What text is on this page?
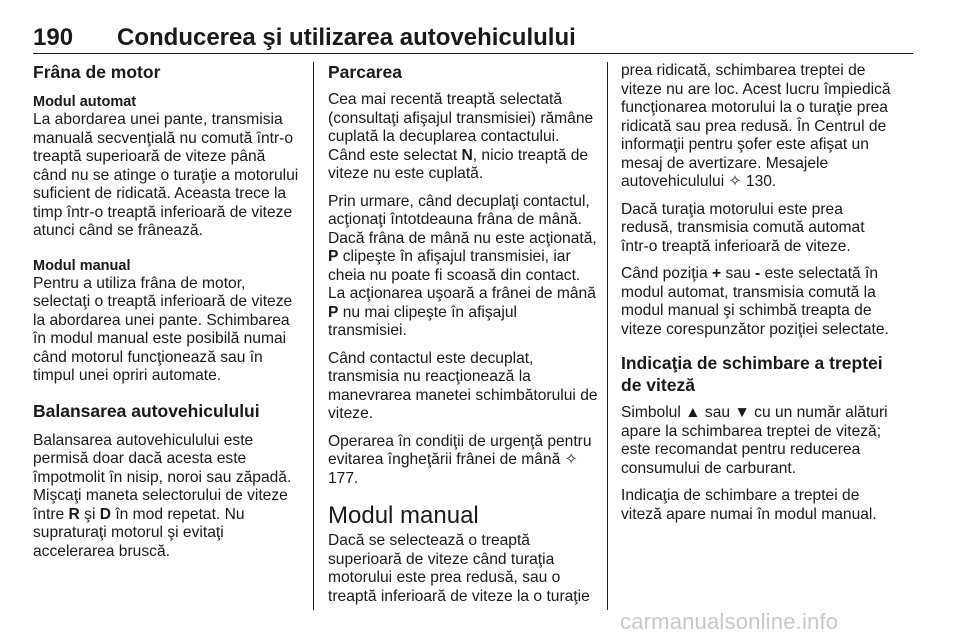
190 Conducerea şi utilizarea autovehiculului
Frâna de motor
Modul automat

La abordarea unei pante, transmisia manuală secvenţială nu comută într-o treaptă superioară de viteze până când nu se atinge o turaţie a motorului suficient de ridicată. Aceasta trece la timp într-o treaptă inferioară de viteze atunci când se frânează.

Modul manual

Pentru a utiliza frâna de motor, selectaţi o treaptă inferioară de viteze la abordarea unei pante. Schimbarea în modul manual este posibilă numai când motorul funcţionează sau în timpul unei opriri automate.

Balansarea autovehiculului

Balansarea autovehiculului este permisă doar dacă acesta este împotmolit în nisip, noroi sau zăpadă. Mişcaţi maneta selectorului de viteze între R şi D în mod repetat. Nu supraturaţi motorul şi evitaţi accelerarea bruscă.

Parcarea

Cea mai recentă treaptă selectată (consultaţi afişajul transmisiei) rămâne cuplată la decuplarea contactului. Când este selectat N, nicio treaptă de viteze nu este cuplată.

Prin urmare, când decuplaţi contactul, acţionaţi întotdeauna frâna de mână. Dacă frâna de mână nu este acţionată, P clipeşte în afişajul transmisiei, iar cheia nu poate fi scoasă din contact. La acţionarea uşoară a frânei de mână P nu mai clipeşte în afişajul transmisiei.

Când contactul este decuplat, transmisia nu reacţionează la manevrarea manetei schimbătorului de viteze.

Operarea în condiţii de urgenţă pentru evitarea îngheţării frânei de mână ✧ 177.

Modul manual

Dacă se selectează o treaptă superioară de viteze când turaţia motorului este prea redusă, sau o treaptă inferioară de viteze la o turaţie

prea ridicată, schimbarea treptei de viteze nu are loc. Acest lucru împiedică funcţionarea motorului la o turaţie prea ridicată sau prea redusă. În Centrul de informaţii pentru şofer este afişat un mesaj de avertizare. Mesajele autovehiculului ✧ 130.

Dacă turaţia motorului este prea redusă, transmisia comută automat într-o treaptă inferioară de viteze.

Când poziţia + sau - este selectată în modul automat, transmisia comută la modul manual şi schimbă treapta de viteze corespunzător poziţiei selectate.

Indicaţia de schimbare a treptei de viteză

Simbolul ▲ sau ▼ cu un număr alături apare la schimbarea treptei de viteză; este recomandat pentru reducerea consumului de carburant.

Indicaţia de schimbare a treptei de viteză apare numai în modul manual.

carmanualsonline.info
